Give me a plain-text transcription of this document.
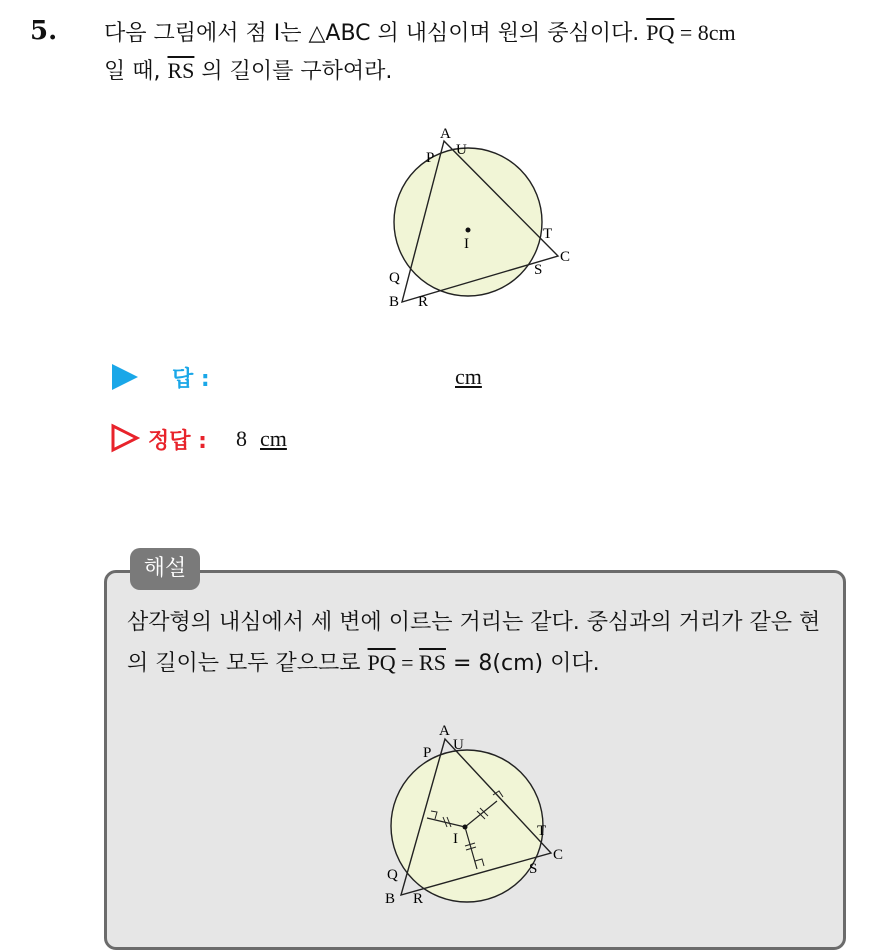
5. 다음 그림에서 점 I는 △ABC 의 내심이며 원의 중심이다. $\overline{PQ} = 8cm$
일 때, $\overline{RS}$ 의 길이를 구하여라.
A
P U
T
C
I
S
Q
B R
답 :	cm
정답 : 8 cm
삼각형의 내심에서 세 변에 이르는 거리는 같다. 중심과의 거리가 같은 현의 길이는 모두 같으므로 $\overline{PQ} = \overline{RS} = 8(cm)$ 이다.
A
P U
T
C
I
S
Q
B R
해설
